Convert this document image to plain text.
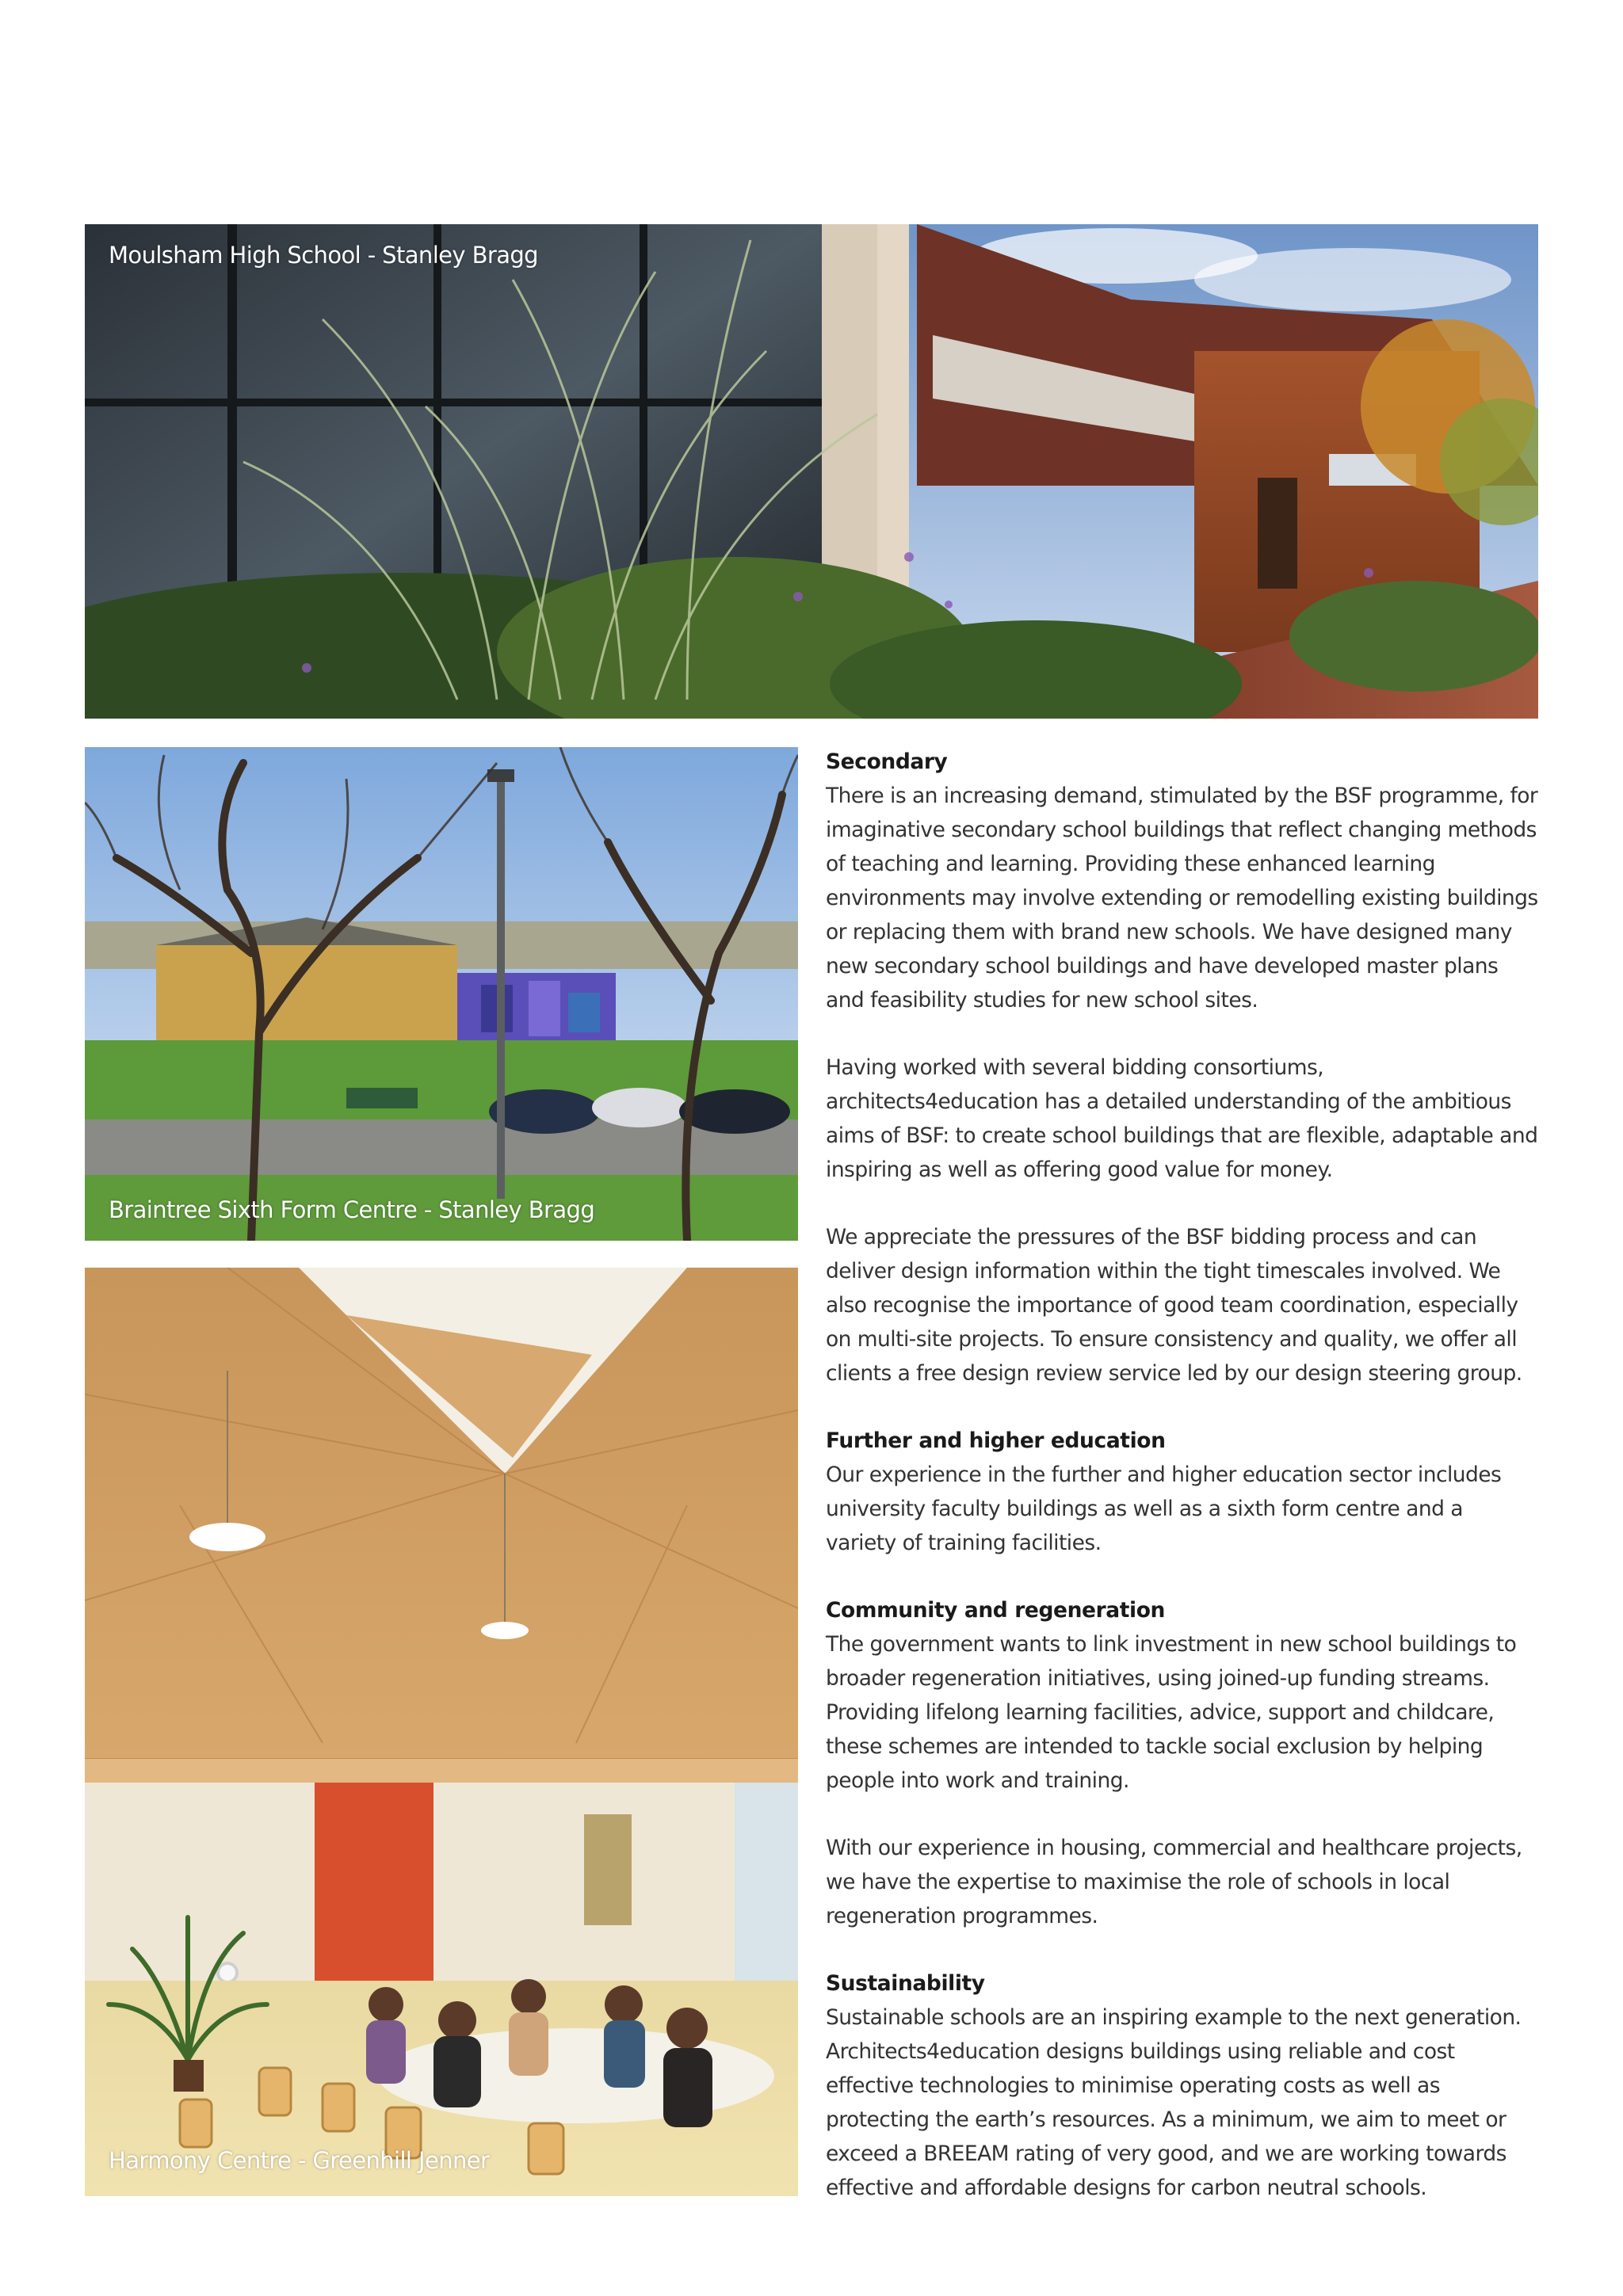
Moulsham High School - Stanley Bragg
Braintree Sixth Form Centre - Stanley Bragg
Harmony Centre - Greenhill Jenner
Secondary
There is an increasing demand, stimulated by the BSF programme, for imaginative secondary school buildings that reflect changing methods of teaching and learning. Providing these enhanced learning environments may involve extending or remodelling existing buildings or replacing them with brand new schools. We have designed many new secondary school buildings and have developed master plans and feasibility studies for new school sites.
Having worked with several bidding consortiums, architects4education has a detailed understanding of the ambitious aims of BSF: to create school buildings that are flexible, adaptable and inspiring as well as offering good value for money.
We appreciate the pressures of the BSF bidding process and can deliver design information within the tight timescales involved. We also recognise the importance of good team coordination, especially on multi-site projects. To ensure consistency and quality, we offer all clients a free design review service led by our design steering group.
Further and higher education
Our experience in the further and higher education sector includes university faculty buildings as well as a sixth form centre and a variety of training facilities.
Community and regeneration
The government wants to link investment in new school buildings to broader regeneration initiatives, using joined-up funding streams. Providing lifelong learning facilities, advice, support and childcare, these schemes are intended to tackle social exclusion by helping people into work and training.
With our experience in housing, commercial and healthcare projects, we have the expertise to maximise the role of schools in local regeneration programmes.
Sustainability
Sustainable schools are an inspiring example to the next generation. Architects4education designs buildings using reliable and cost effective technologies to minimise operating costs as well as protecting the earth’s resources. As a minimum, we aim to meet or exceed a BREEAM rating of very good, and we are working towards effective and affordable designs for carbon neutral schools.
